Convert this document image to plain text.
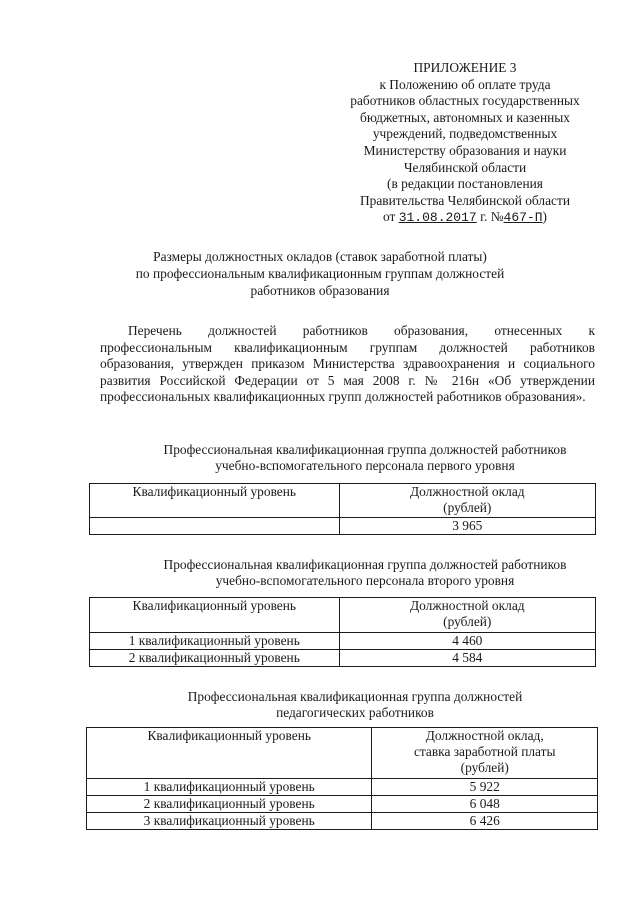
ПРИЛОЖЕНИЕ 3
к Положению об оплате труда
работников областных государственных
бюджетных, автономных и казенных
учреждений, подведомственных
Министерству образования и науки
Челябинской области
(в редакции постановления
Правительства Челябинской области
от 31.08.2017 г. №467-П)
Размеры должностных окладов (ставок заработной платы)
по профессиональным квалификационным группам должностей
работников образования
Перечень должностей работников образования, отнесенных к профессиональным квалификационным группам должностей работников образования, утвержден приказом Министерства здравоохранения и социального развития Российской Федерации от 5 мая 2008 г. № 216н «Об утверждении профессиональных квалификационных групп должностей работников образования».
Профессиональная квалификационная группа должностей работников
учебно-вспомогательного персонала первого уровня
Квалификационный уровень	Должностной оклад
(рублей)

	3 965
Профессиональная квалификационная группа должностей работников
учебно-вспомогательного персонала второго уровня
Квалификационный уровень	Должностной оклад
(рублей)

1 квалификационный уровень	4 460
2 квалификационный уровень	4 584
Профессиональная квалификационная группа должностей
педагогических работников
Квалификационный уровень	Должностной оклад,
ставка заработной платы
(рублей)

1 квалификационный уровень	5 922
2 квалификационный уровень	6 048
3 квалификационный уровень	6 426
